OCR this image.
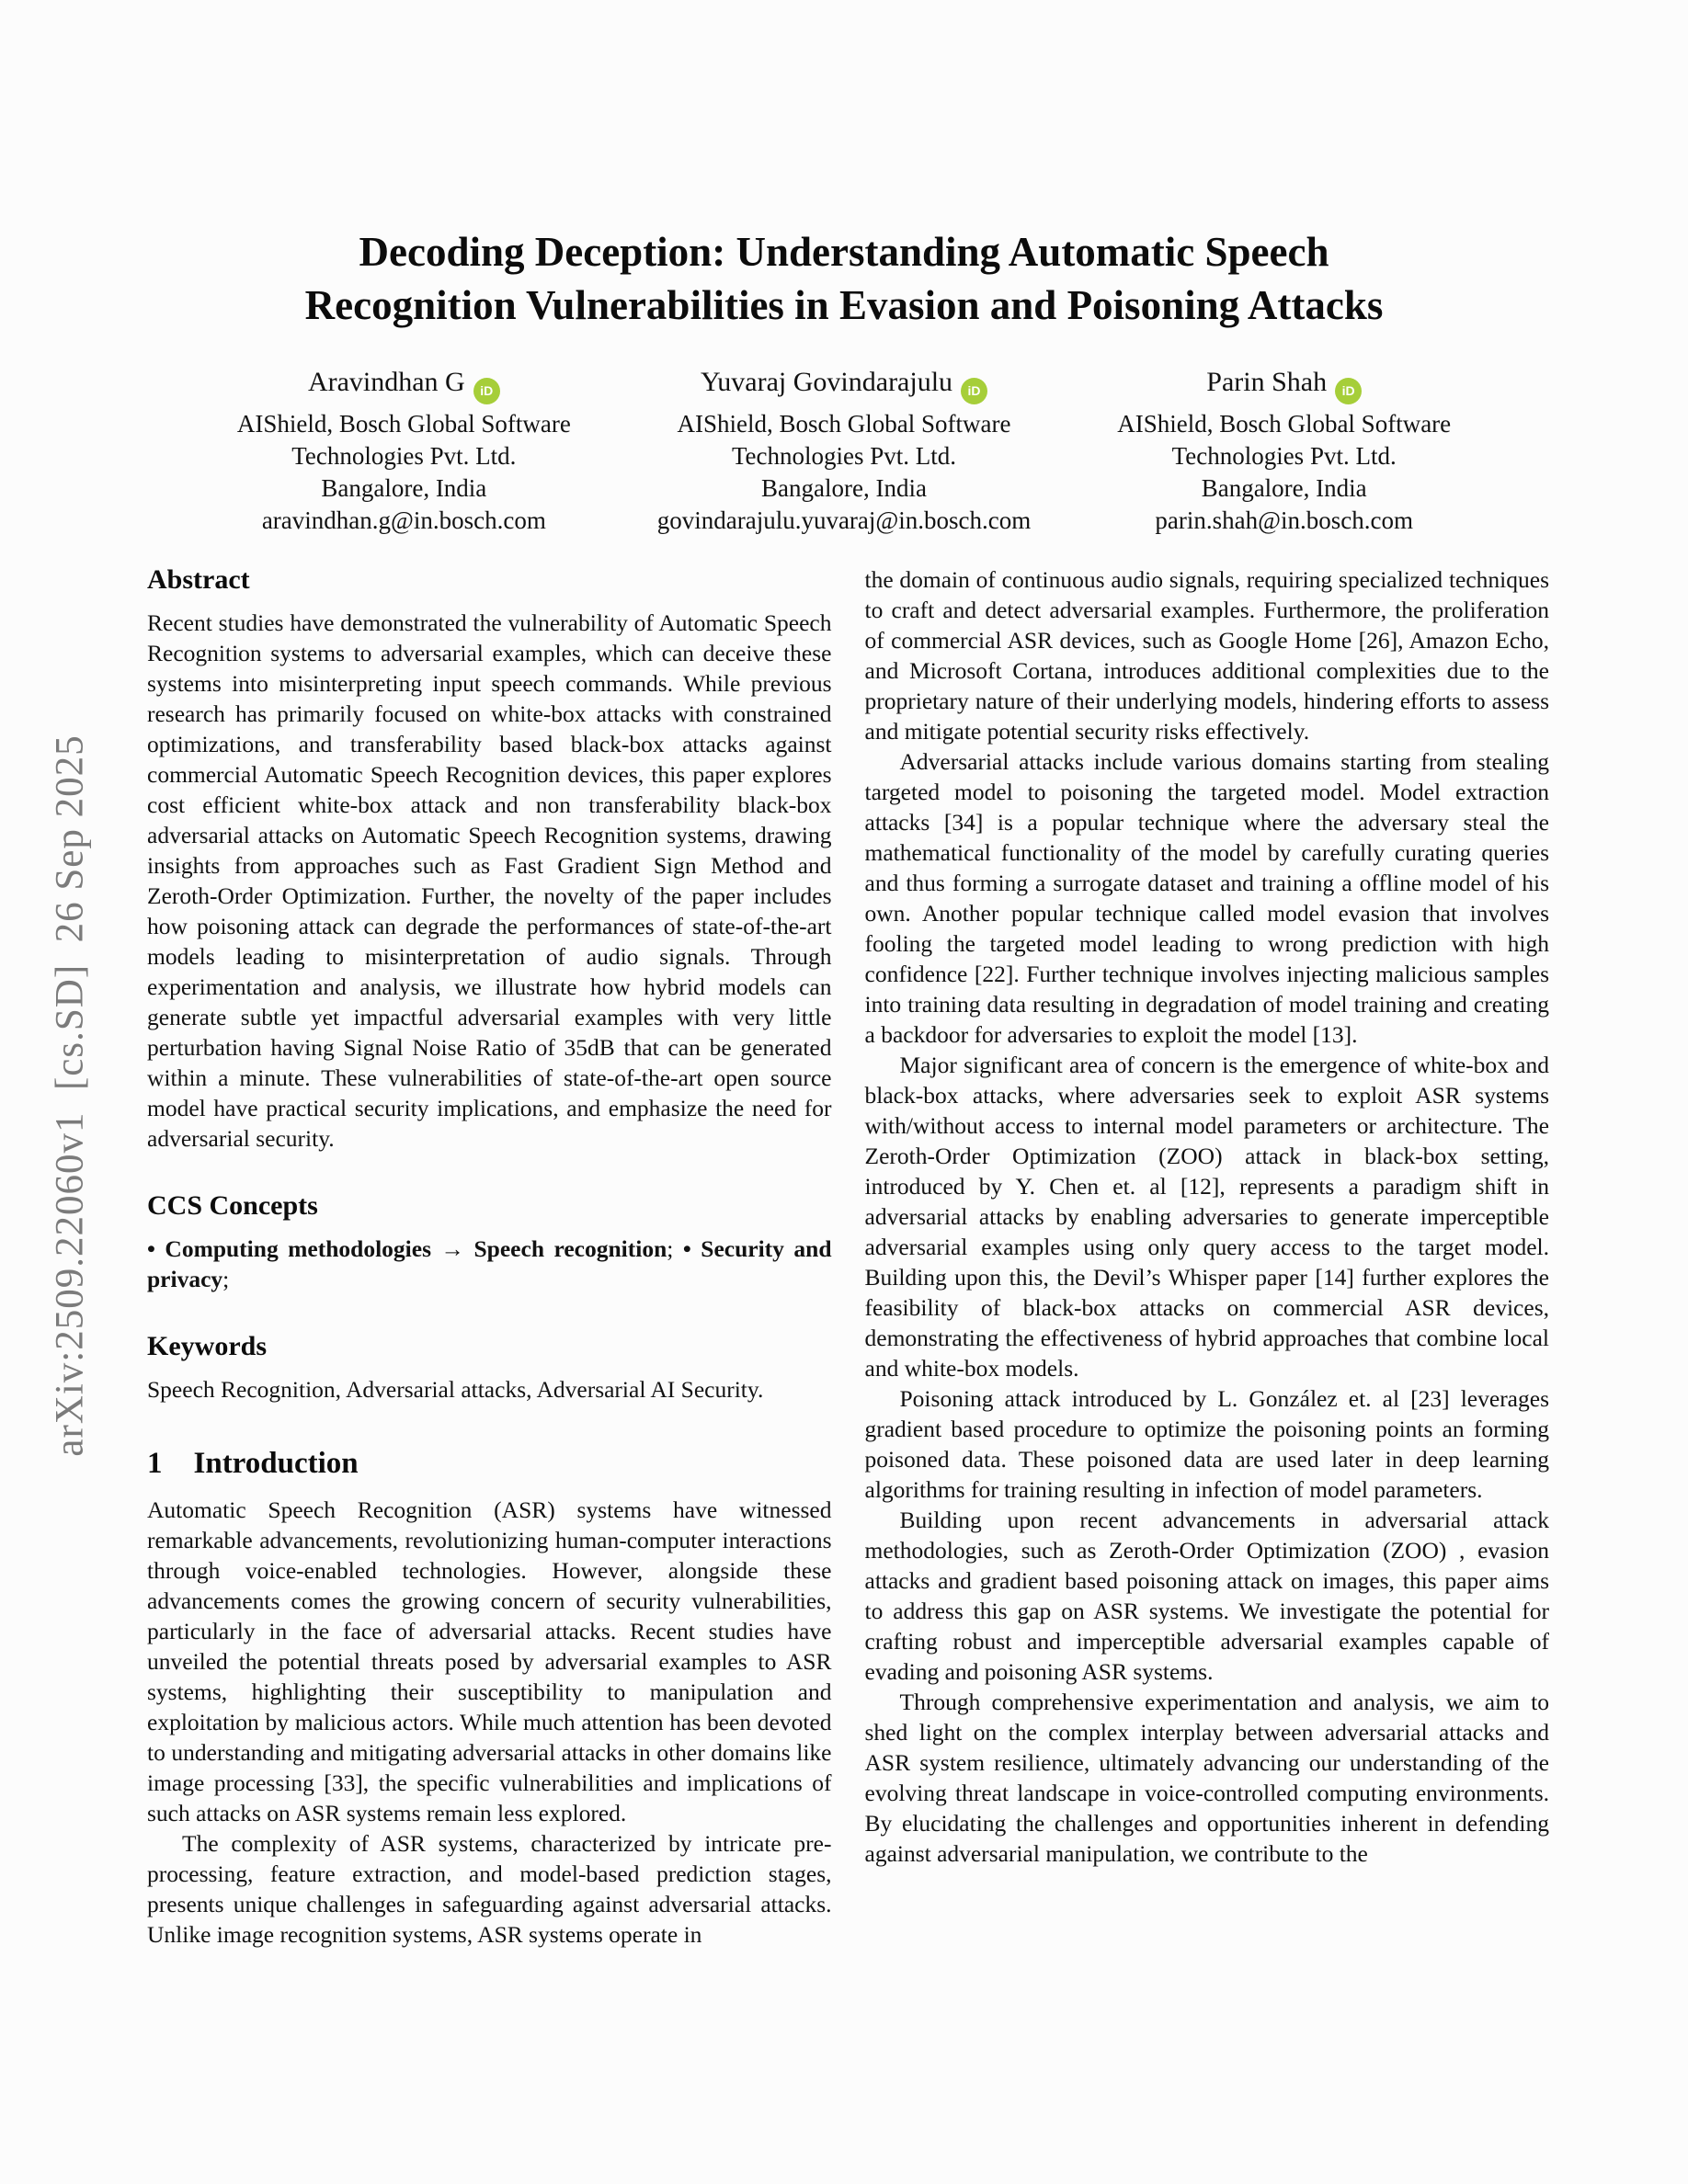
arXiv:2509.22060v1  [cs.SD]  26 Sep 2025
Decoding Deception: Understanding Automatic Speech
Recognition Vulnerabilities in Evasion and Poisoning Attacks
Aravindhan G	iD
AIShield, Bosch Global Software
Technologies Pvt. Ltd.
Bangalore, India
aravindhan.g@in.bosch.com
Yuvaraj Govindarajulu	iD
AIShield, Bosch Global Software
Technologies Pvt. Ltd.
Bangalore, India
govindarajulu.yuvaraj@in.bosch.com
Parin Shah	iD
AIShield, Bosch Global Software
Technologies Pvt. Ltd.
Bangalore, India
parin.shah@in.bosch.com
Abstract

Recent studies have demonstrated the vulnerability of Automatic Speech Recognition systems to adversarial examples, which can deceive these systems into misinterpreting input speech commands. While previous research has primarily focused on white-box attacks with constrained optimizations, and transferability based black-box attacks against commercial Automatic Speech Recognition devices, this paper explores cost efficient white-box attack and non transferability black-box adversarial attacks on Automatic Speech Recognition systems, drawing insights from approaches such as Fast Gradient Sign Method and Zeroth-Order Optimization. Further, the novelty of the paper includes how poisoning attack can degrade the performances of state-of-the-art models leading to misinterpretation of audio signals. Through experimentation and analysis, we illustrate how hybrid models can generate subtle yet impactful adversarial examples with very little perturbation having Signal Noise Ratio of 35dB that can be generated within a minute. These vulnerabilities of state-of-the-art open source model have practical security implications, and emphasize the need for adversarial security.

CCS Concepts

• Computing methodologies → Speech recognition; • Security and privacy;

Keywords

Speech Recognition, Adversarial attacks, Adversarial AI Security.

1 Introduction

Automatic Speech Recognition (ASR) systems have witnessed remarkable advancements, revolutionizing human-computer interactions through voice-enabled technologies. However, alongside these advancements comes the growing concern of security vulnerabilities, particularly in the face of adversarial attacks. Recent studies have unveiled the potential threats posed by adversarial examples to ASR systems, highlighting their susceptibility to manipulation and exploitation by malicious actors. While much attention has been devoted to understanding and mitigating adversarial attacks in other domains like image processing [33], the specific vulnerabilities and implications of such attacks on ASR systems remain less explored.

The complexity of ASR systems, characterized by intricate pre-processing, feature extraction, and model-based prediction stages, presents unique challenges in safeguarding against adversarial attacks. Unlike image recognition systems, ASR systems operate in

the domain of continuous audio signals, requiring specialized techniques to craft and detect adversarial examples. Furthermore, the proliferation of commercial ASR devices, such as Google Home [26], Amazon Echo, and Microsoft Cortana, introduces additional complexities due to the proprietary nature of their underlying models, hindering efforts to assess and mitigate potential security risks effectively.

Adversarial attacks include various domains starting from stealing targeted model to poisoning the targeted model. Model extraction attacks [34] is a popular technique where the adversary steal the mathematical functionality of the model by carefully curating queries and thus forming a surrogate dataset and training a offline model of his own. Another popular technique called model evasion that involves fooling the targeted model leading to wrong prediction with high confidence [22]. Further technique involves injecting malicious samples into training data resulting in degradation of model training and creating a backdoor for adversaries to exploit the model [13].

Major significant area of concern is the emergence of white-box and black-box attacks, where adversaries seek to exploit ASR systems with/without access to internal model parameters or architecture. The Zeroth-Order Optimization (ZOO) attack in black-box setting, introduced by Y. Chen et. al [12], represents a paradigm shift in adversarial attacks by enabling adversaries to generate imperceptible adversarial examples using only query access to the target model. Building upon this, the Devil’s Whisper paper [14] further explores the feasibility of black-box attacks on commercial ASR devices, demonstrating the effectiveness of hybrid approaches that combine local and white-box models.

Poisoning attack introduced by L. González et. al [23] leverages gradient based procedure to optimize the poisoning points an forming poisoned data. These poisoned data are used later in deep learning algorithms for training resulting in infection of model parameters.

Building upon recent advancements in adversarial attack methodologies, such as Zeroth-Order Optimization (ZOO) , evasion attacks and gradient based poisoning attack on images, this paper aims to address this gap on ASR systems. We investigate the potential for crafting robust and imperceptible adversarial examples capable of evading and poisoning ASR systems.

Through comprehensive experimentation and analysis, we aim to shed light on the complex interplay between adversarial attacks and ASR system resilience, ultimately advancing our understanding of the evolving threat landscape in voice-controlled computing environments. By elucidating the challenges and opportunities inherent in defending against adversarial manipulation, we contribute to the
